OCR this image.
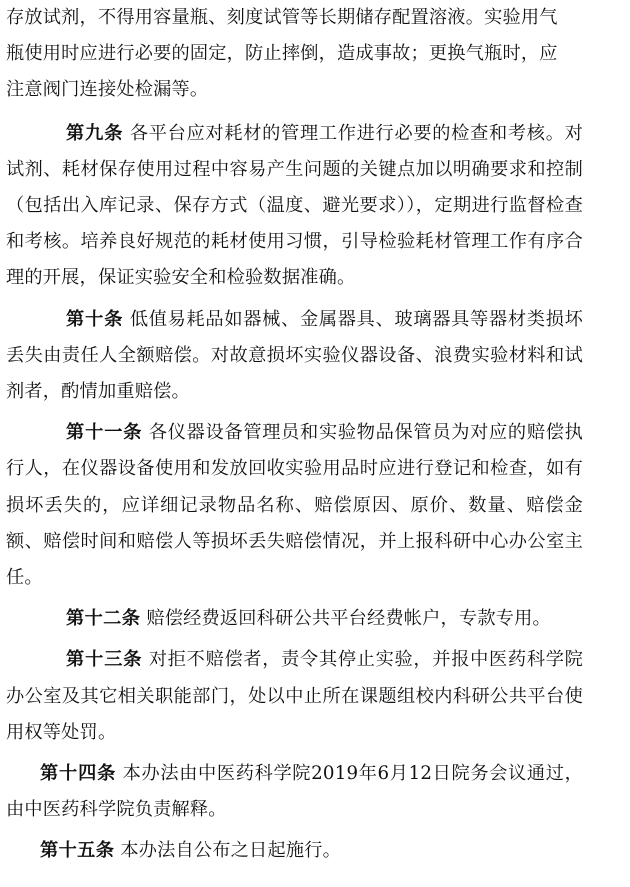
存放试剂，不得用容量瓶、刻度试管等长期储存配置溶液。实验用气
瓶使用时应进行必要的固定，防止摔倒，造成事故；更换气瓶时，应
注意阀门连接处检漏等。

第九条 各平台应对耗材的管理工作进行必要的检查和考核。对试剂、耗材保存使用过程中容易产生问题的关键点加以明确要求和控制（包括出入库记录、保存方式（温度、避光要求）），定期进行监督检查和考核。培养良好规范的耗材使用习惯，引导检验耗材管理工作有序合理的开展，保证实验安全和检验数据准确。

第十条 低值易耗品如器械、金属器具、玻璃器具等器材类损坏丢失由责任人全额赔偿。对故意损坏实验仪器设备、浪费实验材料和试剂者，酌情加重赔偿。

第十一条 各仪器设备管理员和实验物品保管员为对应的赔偿执行人，在仪器设备使用和发放回收实验用品时应进行登记和检查，如有损坏丢失的，应详细记录物品名称、赔偿原因、原价、数量、赔偿金额、赔偿时间和赔偿人等损坏丢失赔偿情况，并上报科研中心办公室主任。

第十二条 赔偿经费返回科研公共平台经费帐户，专款专用。

第十三条 对拒不赔偿者，责令其停止实验，并报中医药科学院办公室及其它相关职能部门，处以中止所在课题组校内科研公共平台使用权等处罚。

第十四条 本办法由中医药科学院2019年6月12日院务会议通过，由中医药科学院负责解释。

第十五条 本办法自公布之日起施行。
